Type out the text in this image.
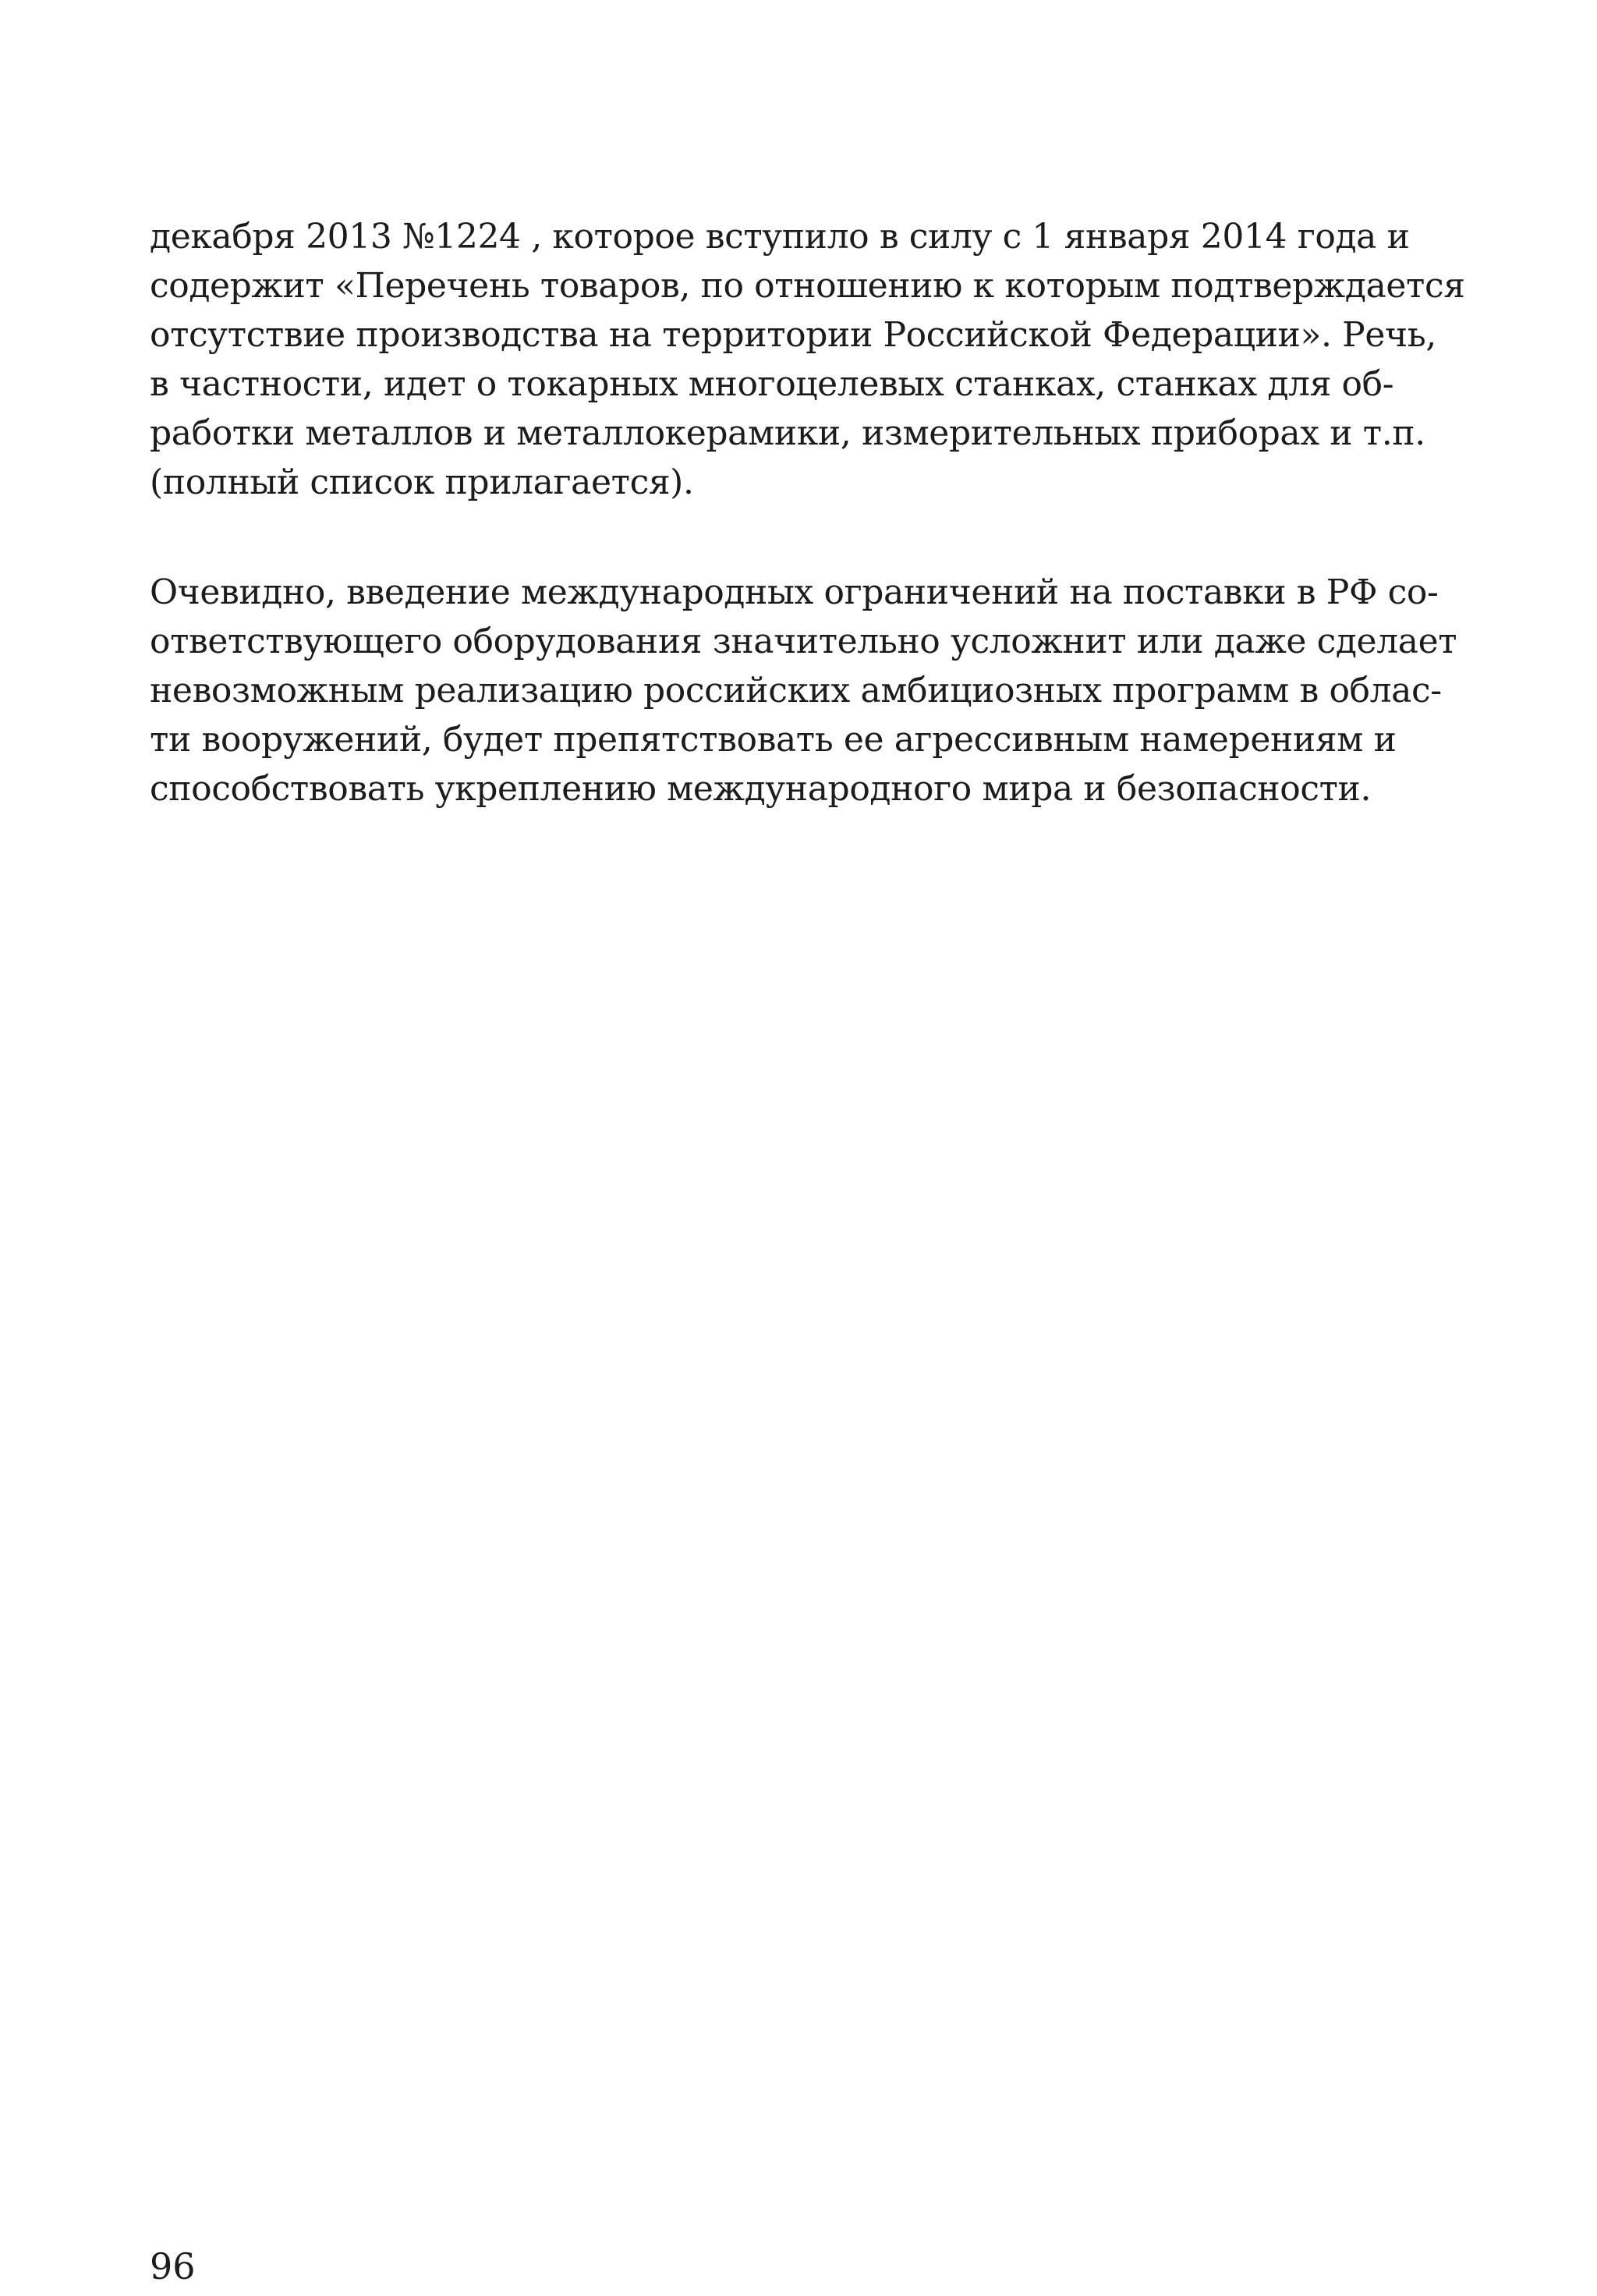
декабря 2013 №1224 , которое вступило в силу с 1 января 2014 года и
содержит «Перечень товаров, по отношению к которым подтверждается
отсутствие производства на территории Российской Федерации». Речь,
в частности, идет о токарных многоцелевых станках, станках для об-
работки металлов и металлокерамики, измерительных приборах и т.п.
(полный список прилагается).
Очевидно, введение международных ограничений на поставки в РФ со-
ответствующего оборудования значительно усложнит или даже сделает
невозможным реализацию российских амбициозных программ в облас-
ти вооружений, будет препятствовать ее агрессивным намерениям и
способствовать укреплению международного мира и безопасности.
96
